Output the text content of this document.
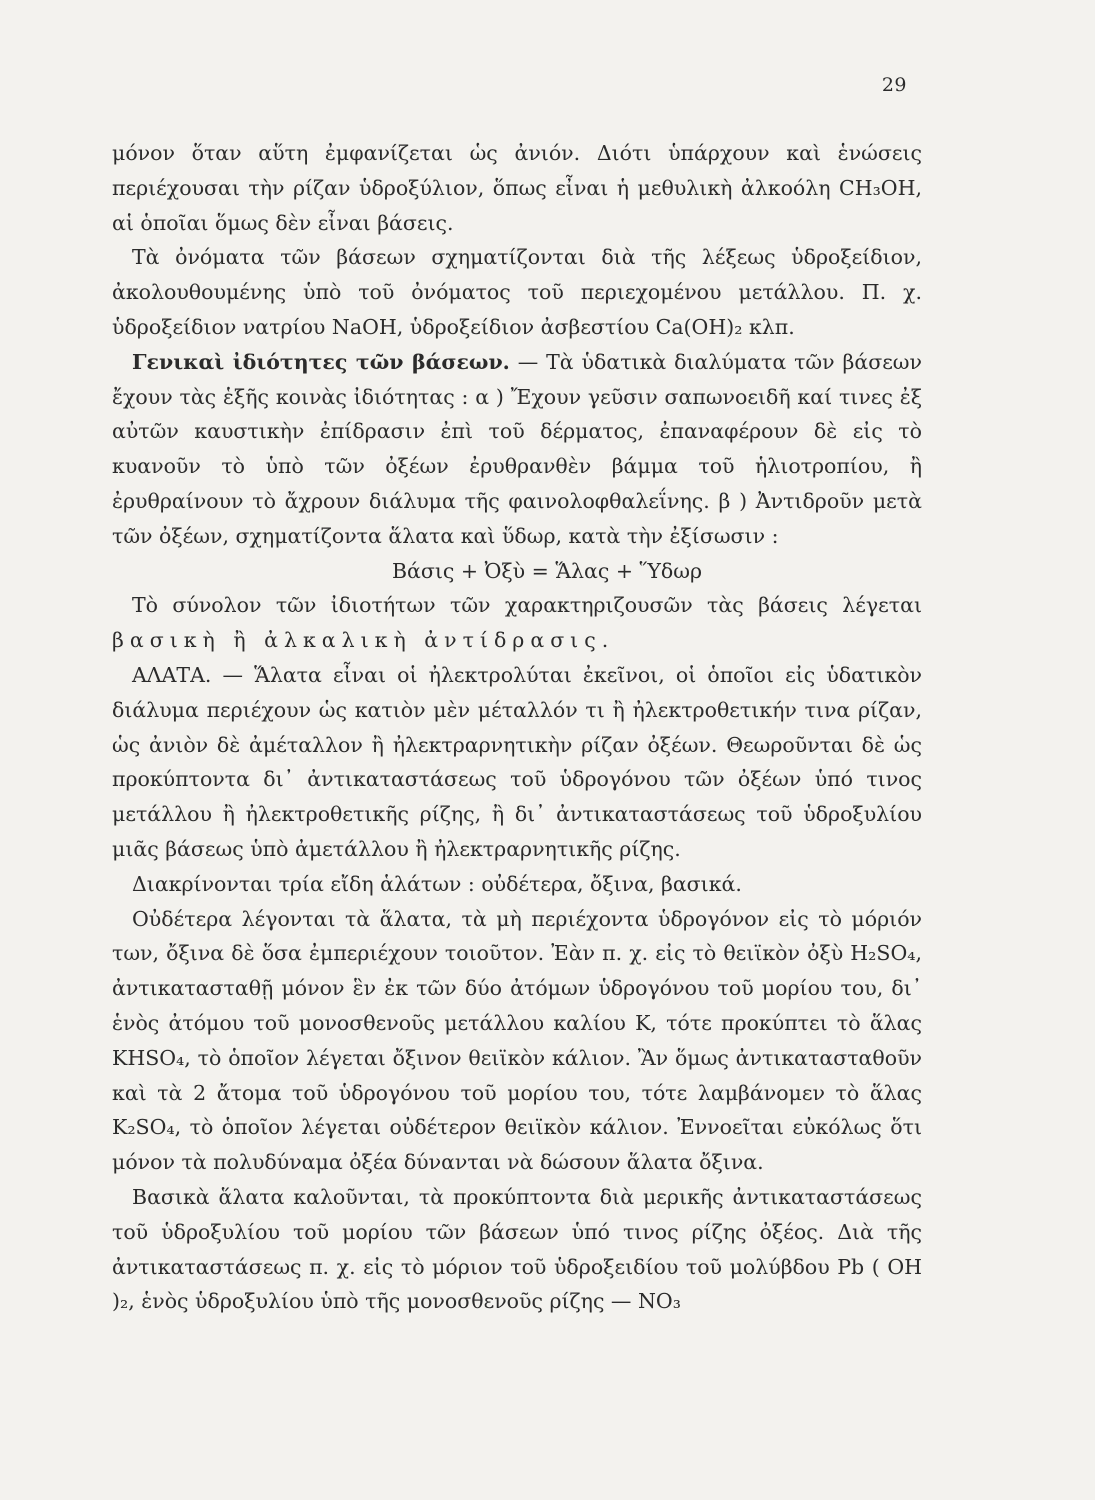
29

μόνον ὅταν αὕτη ἐμφανίζεται ὡς ἀνιόν. Διότι ὑπάρχουν καὶ ἑνώσεις περιέχουσαι τὴν ρίζαν ὑδροξύλιον, ὅπως εἶναι ἡ μεθυλικὴ ἀλκοόλη CH₃OH, αἱ ὁποῖαι ὅμως δὲν εἶναι βάσεις.

Τὰ ὀνόματα τῶν βάσεων σχηματίζονται διὰ τῆς λέξεως ὑδροξείδιον, ἀκολουθουμένης ὑπὸ τοῦ ὀνόματος τοῦ περιεχομένου μετάλλου. Π. χ. ὑδροξείδιον νατρίου NaOH, ὑδροξείδιον ἀσβεστίου Ca(OH)₂ κλπ.

Γενικαὶ ἰδιότητες τῶν βάσεων. — Τὰ ὑδατικὰ διαλύματα τῶν βάσεων ἔχουν τὰς ἑξῆς κοινὰς ἰδιότητας : α ) Ἔχουν γεῦσιν σαπωνοειδῆ καί τινες ἐξ αὐτῶν καυστικὴν ἐπίδρασιν ἐπὶ τοῦ δέρματος, ἐπαναφέρουν δὲ εἰς τὸ κυανοῦν τὸ ὑπὸ τῶν ὀξέων ἐρυθρανθὲν βάμμα τοῦ ἡλιοτροπίου, ἢ ἐρυθραίνουν τὸ ἄχρουν διάλυμα τῆς φαινολοφθαλεΐνης. β ) Ἀντιδροῦν μετὰ τῶν ὀξέων, σχηματίζοντα ἅλατα καὶ ὕδωρ, κατὰ τὴν ἐξίσωσιν :

Βάσις + Ὀξὺ = Ἅλας + Ὕδωρ

Τὸ σύνολον τῶν ἰδιοτήτων τῶν χαρακτηριζουσῶν τὰς βάσεις λέγεται βασικὴ ἢ ἀλκαλικὴ ἀντίδρασις.

ΑΛΑΤΑ. — Ἅλατα εἶναι οἱ ἠλεκτρολύται ἐκεῖνοι, οἱ ὁποῖοι εἰς ὑδατικὸν διάλυμα περιέχουν ὡς κατιὸν μὲν μέταλλόν τι ἢ ἠλεκτροθετικήν τινα ρίζαν, ὡς ἀνιὸν δὲ ἀμέταλλον ἢ ἠλεκτραρνητικὴν ρίζαν ὀξέων. Θεωροῦνται δὲ ὡς προκύπτοντα δι᾽ ἀντικαταστάσεως τοῦ ὑδρογόνου τῶν ὀξέων ὑπό τινος μετάλλου ἢ ἠλεκτροθετικῆς ρίζης, ἢ δι᾽ ἀντικαταστάσεως τοῦ ὑδροξυλίου μιᾶς βάσεως ὑπὸ ἀμετάλλου ἢ ἠλεκτραρνητικῆς ρίζης.

Διακρίνονται τρία εἴδη ἁλάτων : οὐδέτερα, ὄξινα, βασικά.

Οὐδέτερα λέγονται τὰ ἅλατα, τὰ μὴ περιέχοντα ὑδρογόνον εἰς τὸ μόριόν των, ὄξινα δὲ ὅσα ἐμπεριέχουν τοιοῦτον. Ἐὰν π. χ. εἰς τὸ θειϊκὸν ὀξὺ H₂SO₄, ἀντικατασταθῇ μόνον ἓν ἐκ τῶν δύο ἀτόμων ὑδρογόνου τοῦ μορίου του, δι᾽ ἑνὸς ἀτόμου τοῦ μονοσθενοῦς μετάλλου καλίου K, τότε προκύπτει τὸ ἅλας KHSO₄, τὸ ὁποῖον λέγεται ὄξινον θειϊκὸν κάλιον. Ἂν ὅμως ἀντικατασταθοῦν καὶ τὰ 2 ἄτομα τοῦ ὑδρογόνου τοῦ μορίου του, τότε λαμβάνομεν τὸ ἅλας K₂SO₄, τὸ ὁποῖον λέγεται οὐδέτερον θειϊκὸν κάλιον. Ἐννοεῖται εὐκόλως ὅτι μόνον τὰ πολυδύναμα ὀξέα δύνανται νὰ δώσουν ἅλατα ὄξινα.

Βασικὰ ἅλατα καλοῦνται, τὰ προκύπτοντα διὰ μερικῆς ἀντικαταστάσεως τοῦ ὑδροξυλίου τοῦ μορίου τῶν βάσεων ὑπό τινος ρίζης ὀξέος. Διὰ τῆς ἀντικαταστάσεως π. χ. εἰς τὸ μόριον τοῦ ὑδροξειδίου τοῦ μολύβδου Pb ( OH )₂, ἑνὸς ὑδροξυλίου ὑπὸ τῆς μονοσθενοῦς ρίζης — NO₃
